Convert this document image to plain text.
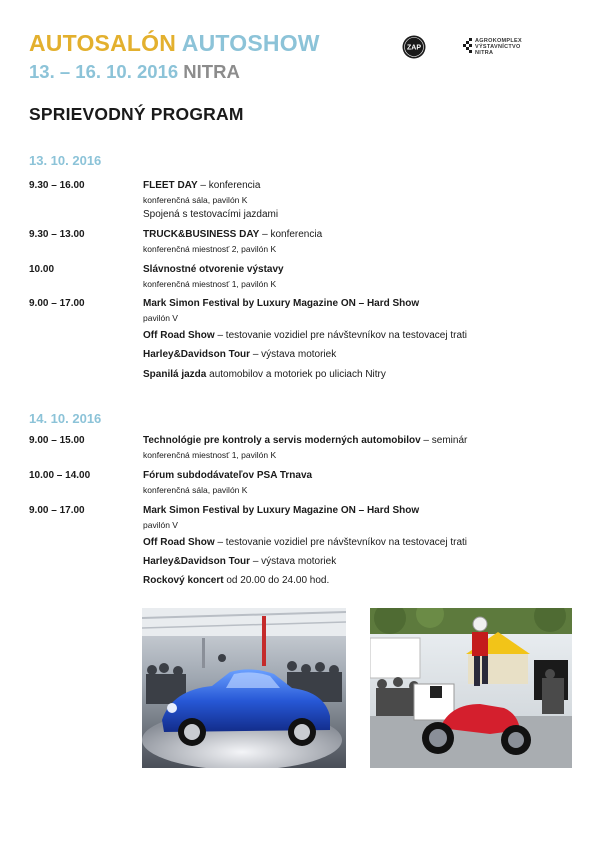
AUTOSALÓN AUTOSHOW
13. – 16. 10. 2016 NITRA
ZAP
AGROKOMPLEX
VÝSTAVNÍCTVO
NITRA
SPRIEVODNÝ PROGRAM
13. 10. 2016
9.30 – 16.00	FLEET DAY – konferencia
konferenčná sála, pavilón K
Spojená s testovacími jazdami
9.30 – 13.00	TRUCK&BUSINESS DAY – konferencia
konferenčná miestnosť 2, pavilón K
10.00	Slávnostné otvorenie výstavy
konferenčná miestnosť 1, pavilón K
9.00 – 17.00	Mark Simon Festival by Luxury Magazine ON – Hard Show
pavilón V
Off Road Show – testovanie vozidiel pre návštevníkov na testovacej trati
Harley&Davidson Tour – výstava motoriek
Spanilá jazda automobilov a motoriek po uliciach Nitry
14. 10. 2016
9.00 – 15.00	Technológie pre kontroly a servis moderných automobilov – seminár
konferenčná miestnosť 1, pavilón K
10.00 – 14.00	Fórum subdodávateľov PSA Trnava
konferenčná sála, pavilón K
9.00 – 17.00	Mark Simon Festival by Luxury Magazine ON – Hard Show
pavilón V
Off Road Show – testovanie vozidiel pre návštevníkov na testovacej trati
Harley&Davidson Tour – výstava motoriek
Rockový koncert od 20.00 do 24.00 hod.
